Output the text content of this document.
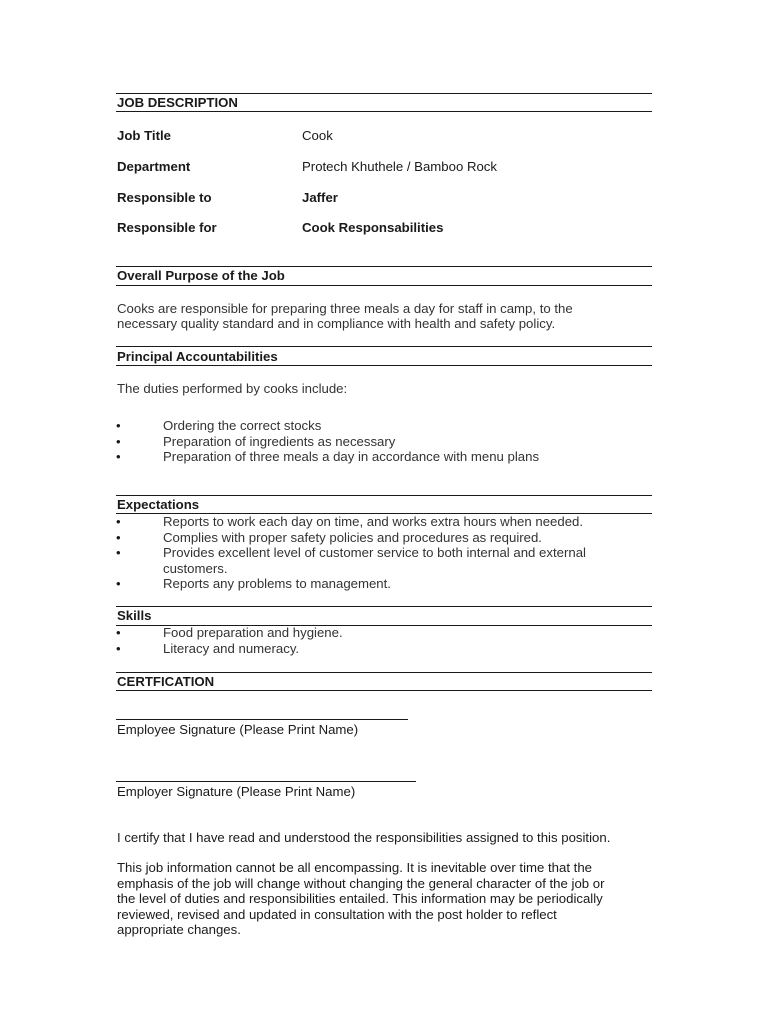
JOB DESCRIPTION
Job Title	Cook
Department	Protech Khuthele / Bamboo Rock
Responsible to	Jaffer
Responsible for	Cook Responsabilities
Overall Purpose of the Job
Cooks are responsible for preparing three meals a day for staff in camp, to the
necessary quality standard and in compliance with health and safety policy.
Principal Accountabilities
The duties performed by cooks include:
•	Ordering the correct stocks
•	Preparation of ingredients as necessary
•	Preparation of three meals a day in accordance with menu plans
Expectations
•	Reports to work each day on time, and works extra hours when needed.
•	Complies with proper safety policies and procedures as required.
•	Provides excellent level of customer service to both internal and external customers.
•	Reports any problems to management.
Skills
•	Food preparation and hygiene.
•	Literacy and numeracy.
CERTFICATION
Employee Signature (Please Print Name)
Employer Signature (Please Print Name)
I certify that I have read and understood the responsibilities assigned to this position.
This job information cannot be all encompassing. It is inevitable over time that the
emphasis of the job will change without changing the general character of the job or
the level of duties and responsibilities entailed. This information may be periodically
reviewed, revised and updated in consultation with the post holder to reflect
appropriate changes.
